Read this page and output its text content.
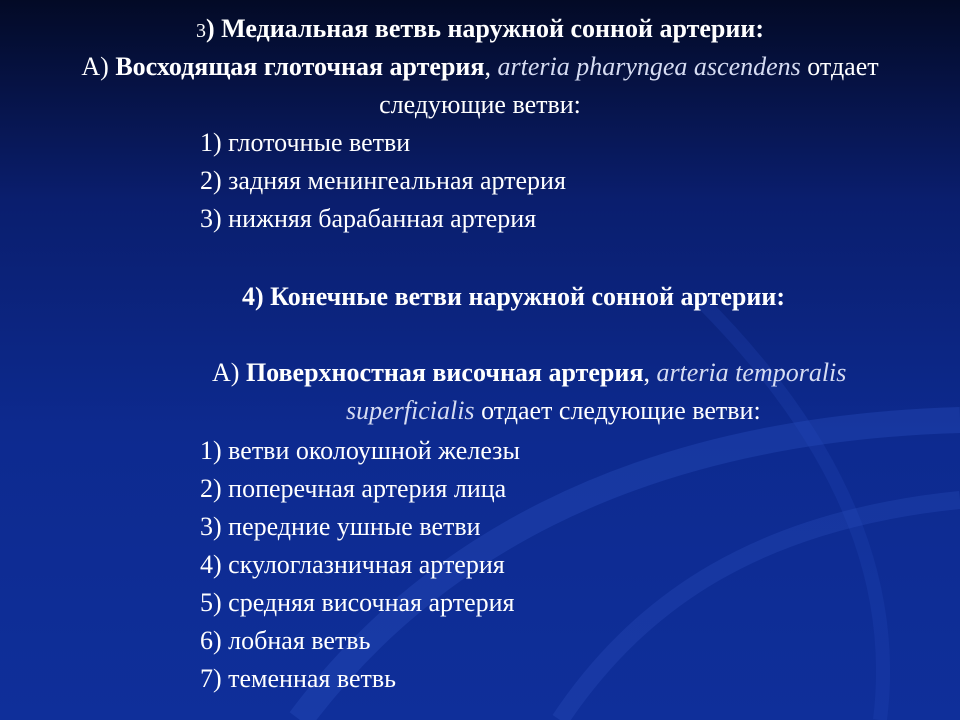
3) Медиальная ветвь наружной сонной артерии:
А) Восходящая глоточная артерия, arteria pharyngea ascendens отдает
следующие ветви:
1) глоточные ветви
2) задняя менингеальная артерия
3) нижняя барабанная артерия
4) Конечные ветви наружной сонной артерии:
А) Поверхностная височная артерия, arteria temporalis
superficialis отдает следующие ветви:
1) ветви околоушной железы
2) поперечная артерия лица
3) передние ушные ветви
4) скулоглазничная артерия
5) средняя височная артерия
6) лобная ветвь
7) теменная ветвь
